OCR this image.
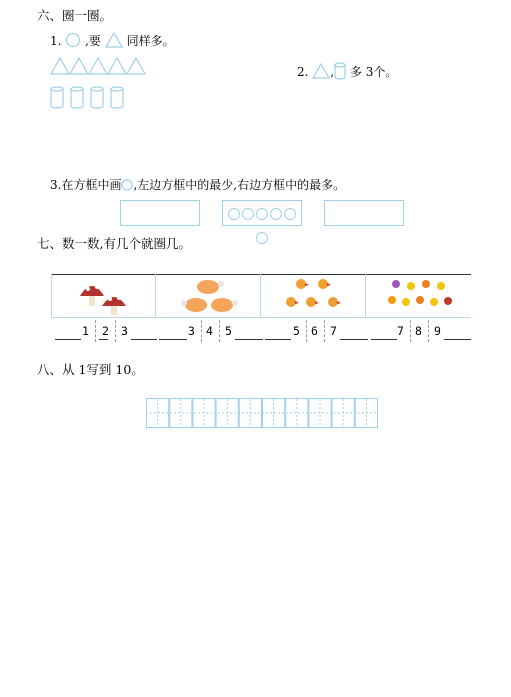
六、圈一圈。
1. ,要 同样多。
2. , 多 3个。
3.在方框中画 ,左边方框中的最少,右边方框中的最多。
七、数一数,有几个就圈几。
1 2 3	3 4 5	5 6 7	7 8 9
八、从 1写到 10。
